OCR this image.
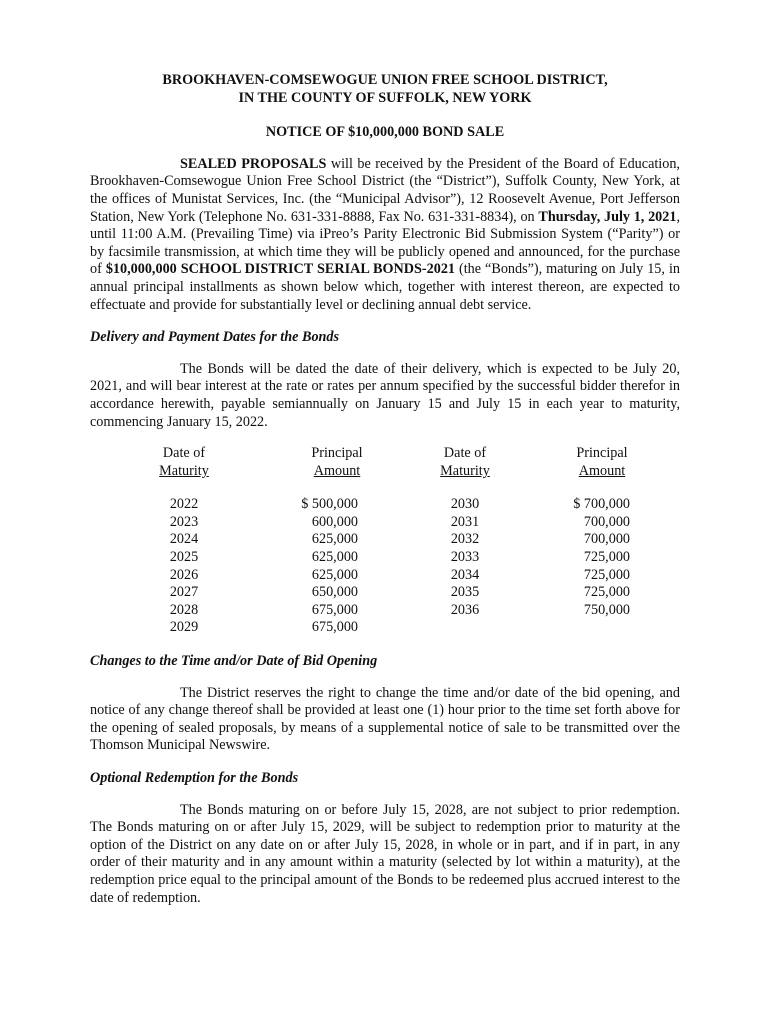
BROOKHAVEN-COMSEWOGUE UNION FREE SCHOOL DISTRICT,
IN THE COUNTY OF SUFFOLK, NEW YORK
NOTICE OF $10,000,000 BOND SALE
SEALED PROPOSALS will be received by the President of the Board of Education, Brookhaven-Comsewogue Union Free School District (the “District”), Suffolk County, New York, at the offices of Munistat Services, Inc. (the “Municipal Advisor”), 12 Roosevelt Avenue, Port Jefferson Station, New York (Telephone No. 631-331-8888, Fax No. 631-331-8834), on Thursday, July 1, 2021, until 11:00 A.M. (Prevailing Time) via iPreo’s Parity Electronic Bid Submission System (“Parity”) or by facsimile transmission, at which time they will be publicly opened and announced, for the purchase of $10,000,000 SCHOOL DISTRICT SERIAL BONDS-2021 (the “Bonds”), maturing on July 15, in annual principal installments as shown below which, together with interest thereon, are expected to effectuate and provide for substantially level or declining annual debt service.
Delivery and Payment Dates for the Bonds
The Bonds will be dated the date of their delivery, which is expected to be July 20, 2021, and will bear interest at the rate or rates per annum specified by the successful bidder therefor in accordance herewith, payable semiannually on January 15 and July 15 in each year to maturity, commencing January 15, 2022.
Date of
Maturity
2022
2023
2024
2025
2026
2027
2028
2029
Principal
Amount
$ 500,000
600,000
625,000
625,000
625,000
650,000
675,000
675,000
Date of
Maturity
2030
2031
2032
2033
2034
2035
2036
Principal
Amount
$ 700,000
700,000
700,000
725,000
725,000
725,000
750,000
Changes to the Time and/or Date of Bid Opening
The District reserves the right to change the time and/or date of the bid opening, and notice of any change thereof shall be provided at least one (1) hour prior to the time set forth above for the opening of sealed proposals, by means of a supplemental notice of sale to be transmitted over the Thomson Municipal Newswire.
Optional Redemption for the Bonds
The Bonds maturing on or before July 15, 2028, are not subject to prior redemption. The Bonds maturing on or after July 15, 2029, will be subject to redemption prior to maturity at the option of the District on any date on or after July 15, 2028, in whole or in part, and if in part, in any order of their maturity and in any amount within a maturity (selected by lot within a maturity), at the redemption price equal to the principal amount of the Bonds to be redeemed plus accrued interest to the date of redemption.
